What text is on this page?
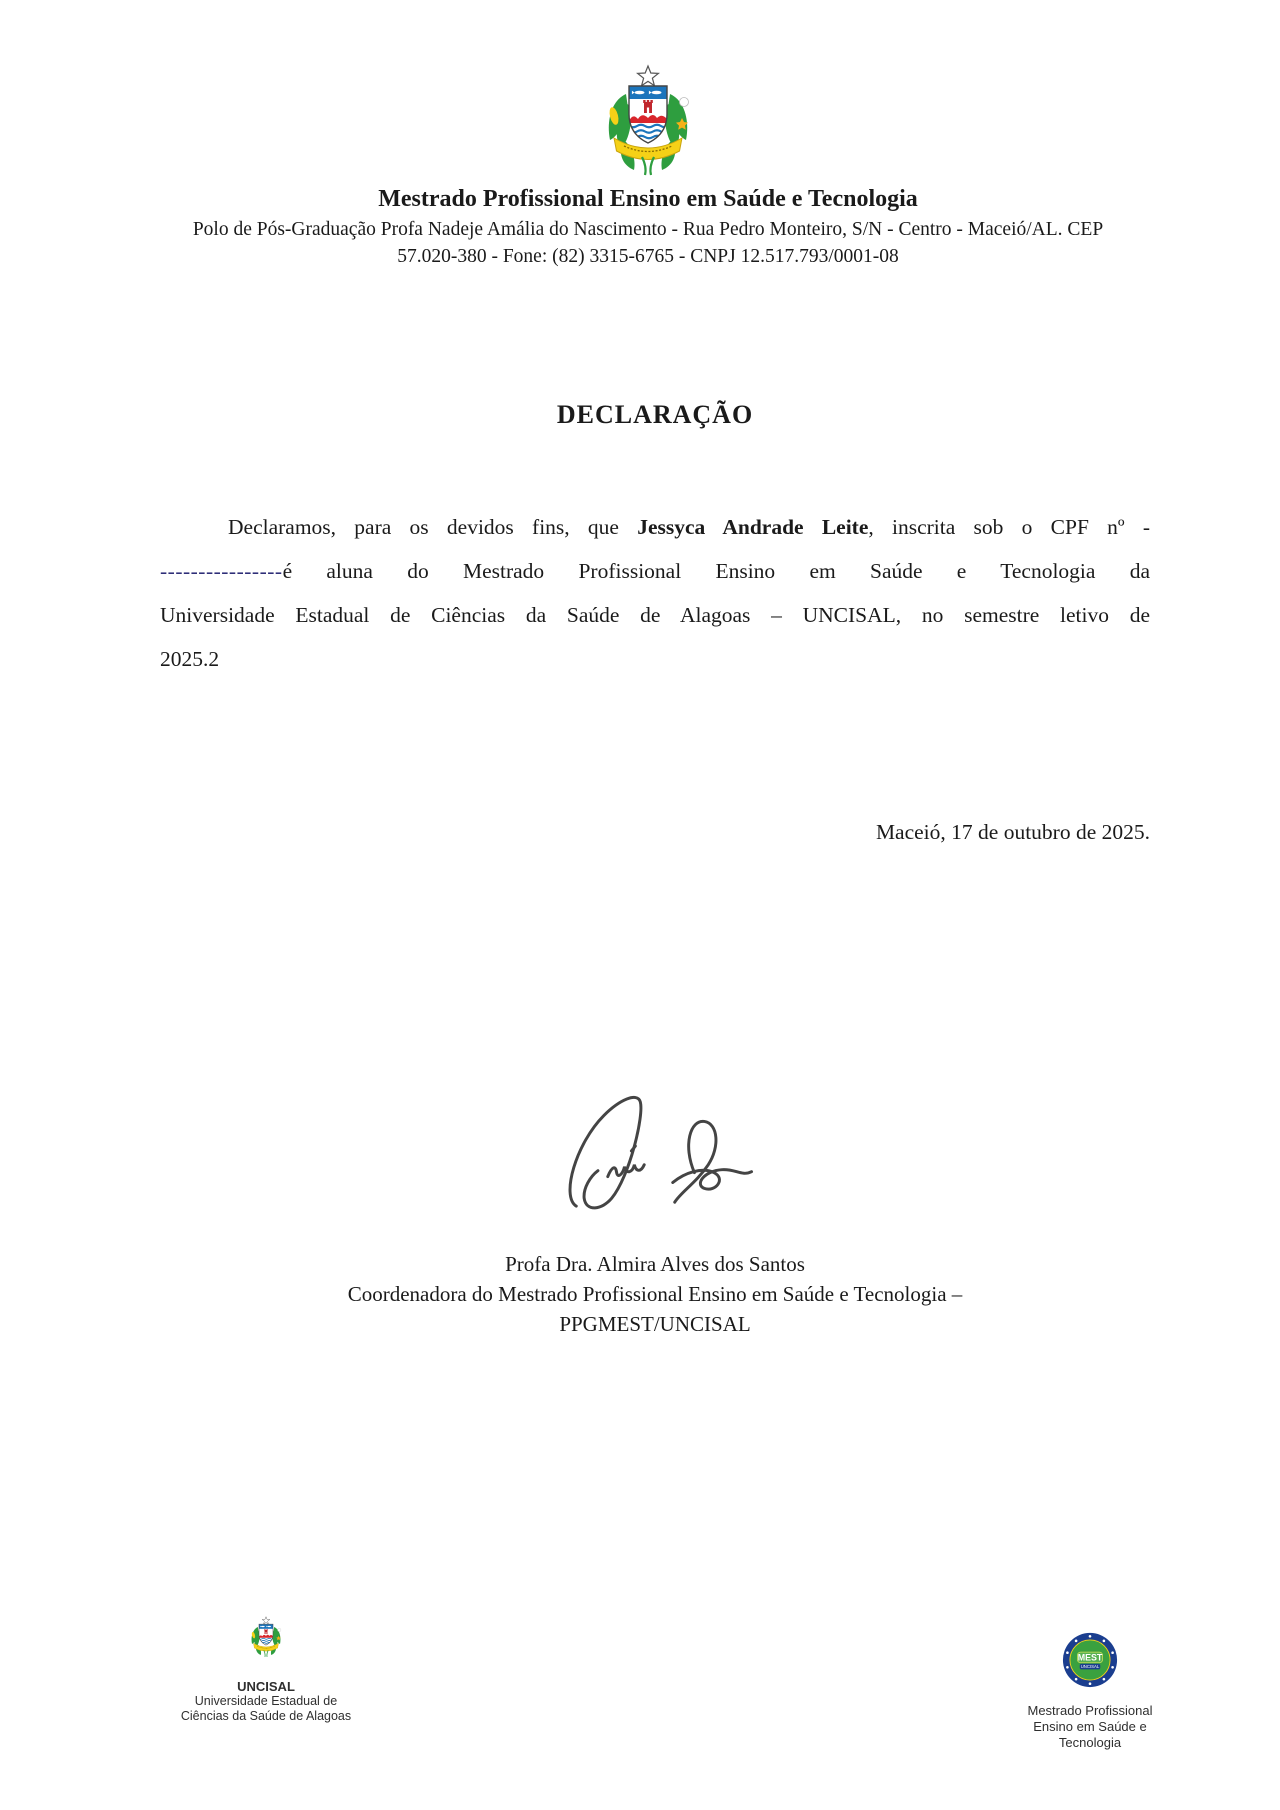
Mestrado Profissional Ensino em Saúde e Tecnologia
Polo de Pós-Graduação Profa Nadeje Amália do Nascimento - Rua Pedro Monteiro, S/N - Centro - Maceió/AL. CEP
57.020-380 - Fone: (82) 3315-6765 - CNPJ 12.517.793/0001-08
DECLARAÇÃO
Declaramos, para os devidos fins, que Jessyca Andrade Leite, inscrita sob o CPF nº -
----------------é aluna do Mestrado Profissional Ensino em Saúde e Tecnologia da
Universidade Estadual de Ciências da Saúde de Alagoas – UNCISAL, no semestre letivo de
2025.2
Maceió, 17 de outubro de 2025.
Profa Dra. Almira Alves dos Santos
Coordenadora do Mestrado Profissional Ensino em Saúde e Tecnologia –
PPGMEST/UNCISAL
UNCISAL
Universidade Estadual de
Ciências da Saúde de Alagoas	Mestrado Profissional
Ensino em Saúde e
Tecnologia
